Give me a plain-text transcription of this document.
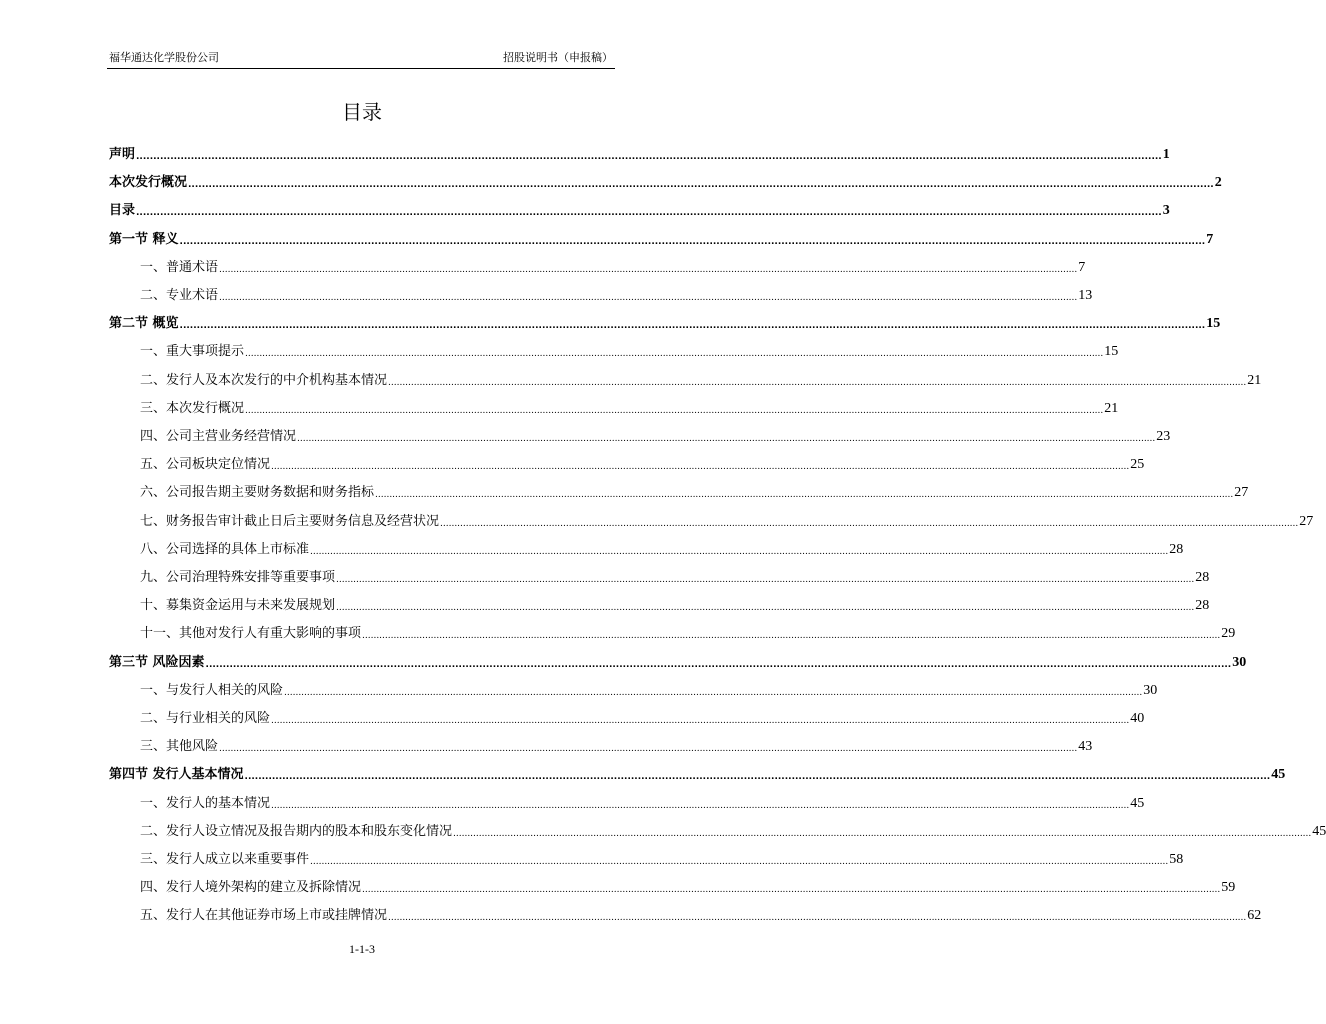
福华通达化学股份公司	招股说明书（申报稿）
目录
声明 ............................................................................................................................................................................................................................................................................................................ 1
本次发行概况 ............................................................................................................................................................................................................................................................................................................ 2
目录 ............................................................................................................................................................................................................................................................................................................ 3
第一节 释义 ............................................................................................................................................................................................................................................................................................................ 7
一、普通术语 ............................................................................................................................................................................................................................................................................................................ 7
二、专业术语 ............................................................................................................................................................................................................................................................................................................ 13
第二节 概览 ............................................................................................................................................................................................................................................................................................................ 15
一、重大事项提示 ............................................................................................................................................................................................................................................................................................................ 15
二、发行人及本次发行的中介机构基本情况 ............................................................................................................................................................................................................................................................................................................ 21
三、本次发行概况 ............................................................................................................................................................................................................................................................................................................ 21
四、公司主营业务经营情况 ............................................................................................................................................................................................................................................................................................................ 23
五、公司板块定位情况 ............................................................................................................................................................................................................................................................................................................ 25
六、公司报告期主要财务数据和财务指标 ............................................................................................................................................................................................................................................................................................................ 27
七、财务报告审计截止日后主要财务信息及经营状况 ............................................................................................................................................................................................................................................................................................................ 27
八、公司选择的具体上市标准 ............................................................................................................................................................................................................................................................................................................ 28
九、公司治理特殊安排等重要事项 ............................................................................................................................................................................................................................................................................................................ 28
十、募集资金运用与未来发展规划 ............................................................................................................................................................................................................................................................................................................ 28
十一、其他对发行人有重大影响的事项 ............................................................................................................................................................................................................................................................................................................ 29
第三节 风险因素 ............................................................................................................................................................................................................................................................................................................ 30
一、与发行人相关的风险 ............................................................................................................................................................................................................................................................................................................ 30
二、与行业相关的风险 ............................................................................................................................................................................................................................................................................................................ 40
三、其他风险 ............................................................................................................................................................................................................................................................................................................ 43
第四节 发行人基本情况 ............................................................................................................................................................................................................................................................................................................ 45
一、发行人的基本情况 ............................................................................................................................................................................................................................................................................................................ 45
二、发行人设立情况及报告期内的股本和股东变化情况 ............................................................................................................................................................................................................................................................................................................ 45
三、发行人成立以来重要事件 ............................................................................................................................................................................................................................................................................................................ 58
四、发行人境外架构的建立及拆除情况 ............................................................................................................................................................................................................................................................................................................ 59
五、发行人在其他证券市场上市或挂牌情况 ............................................................................................................................................................................................................................................................................................................ 62
1-1-3
